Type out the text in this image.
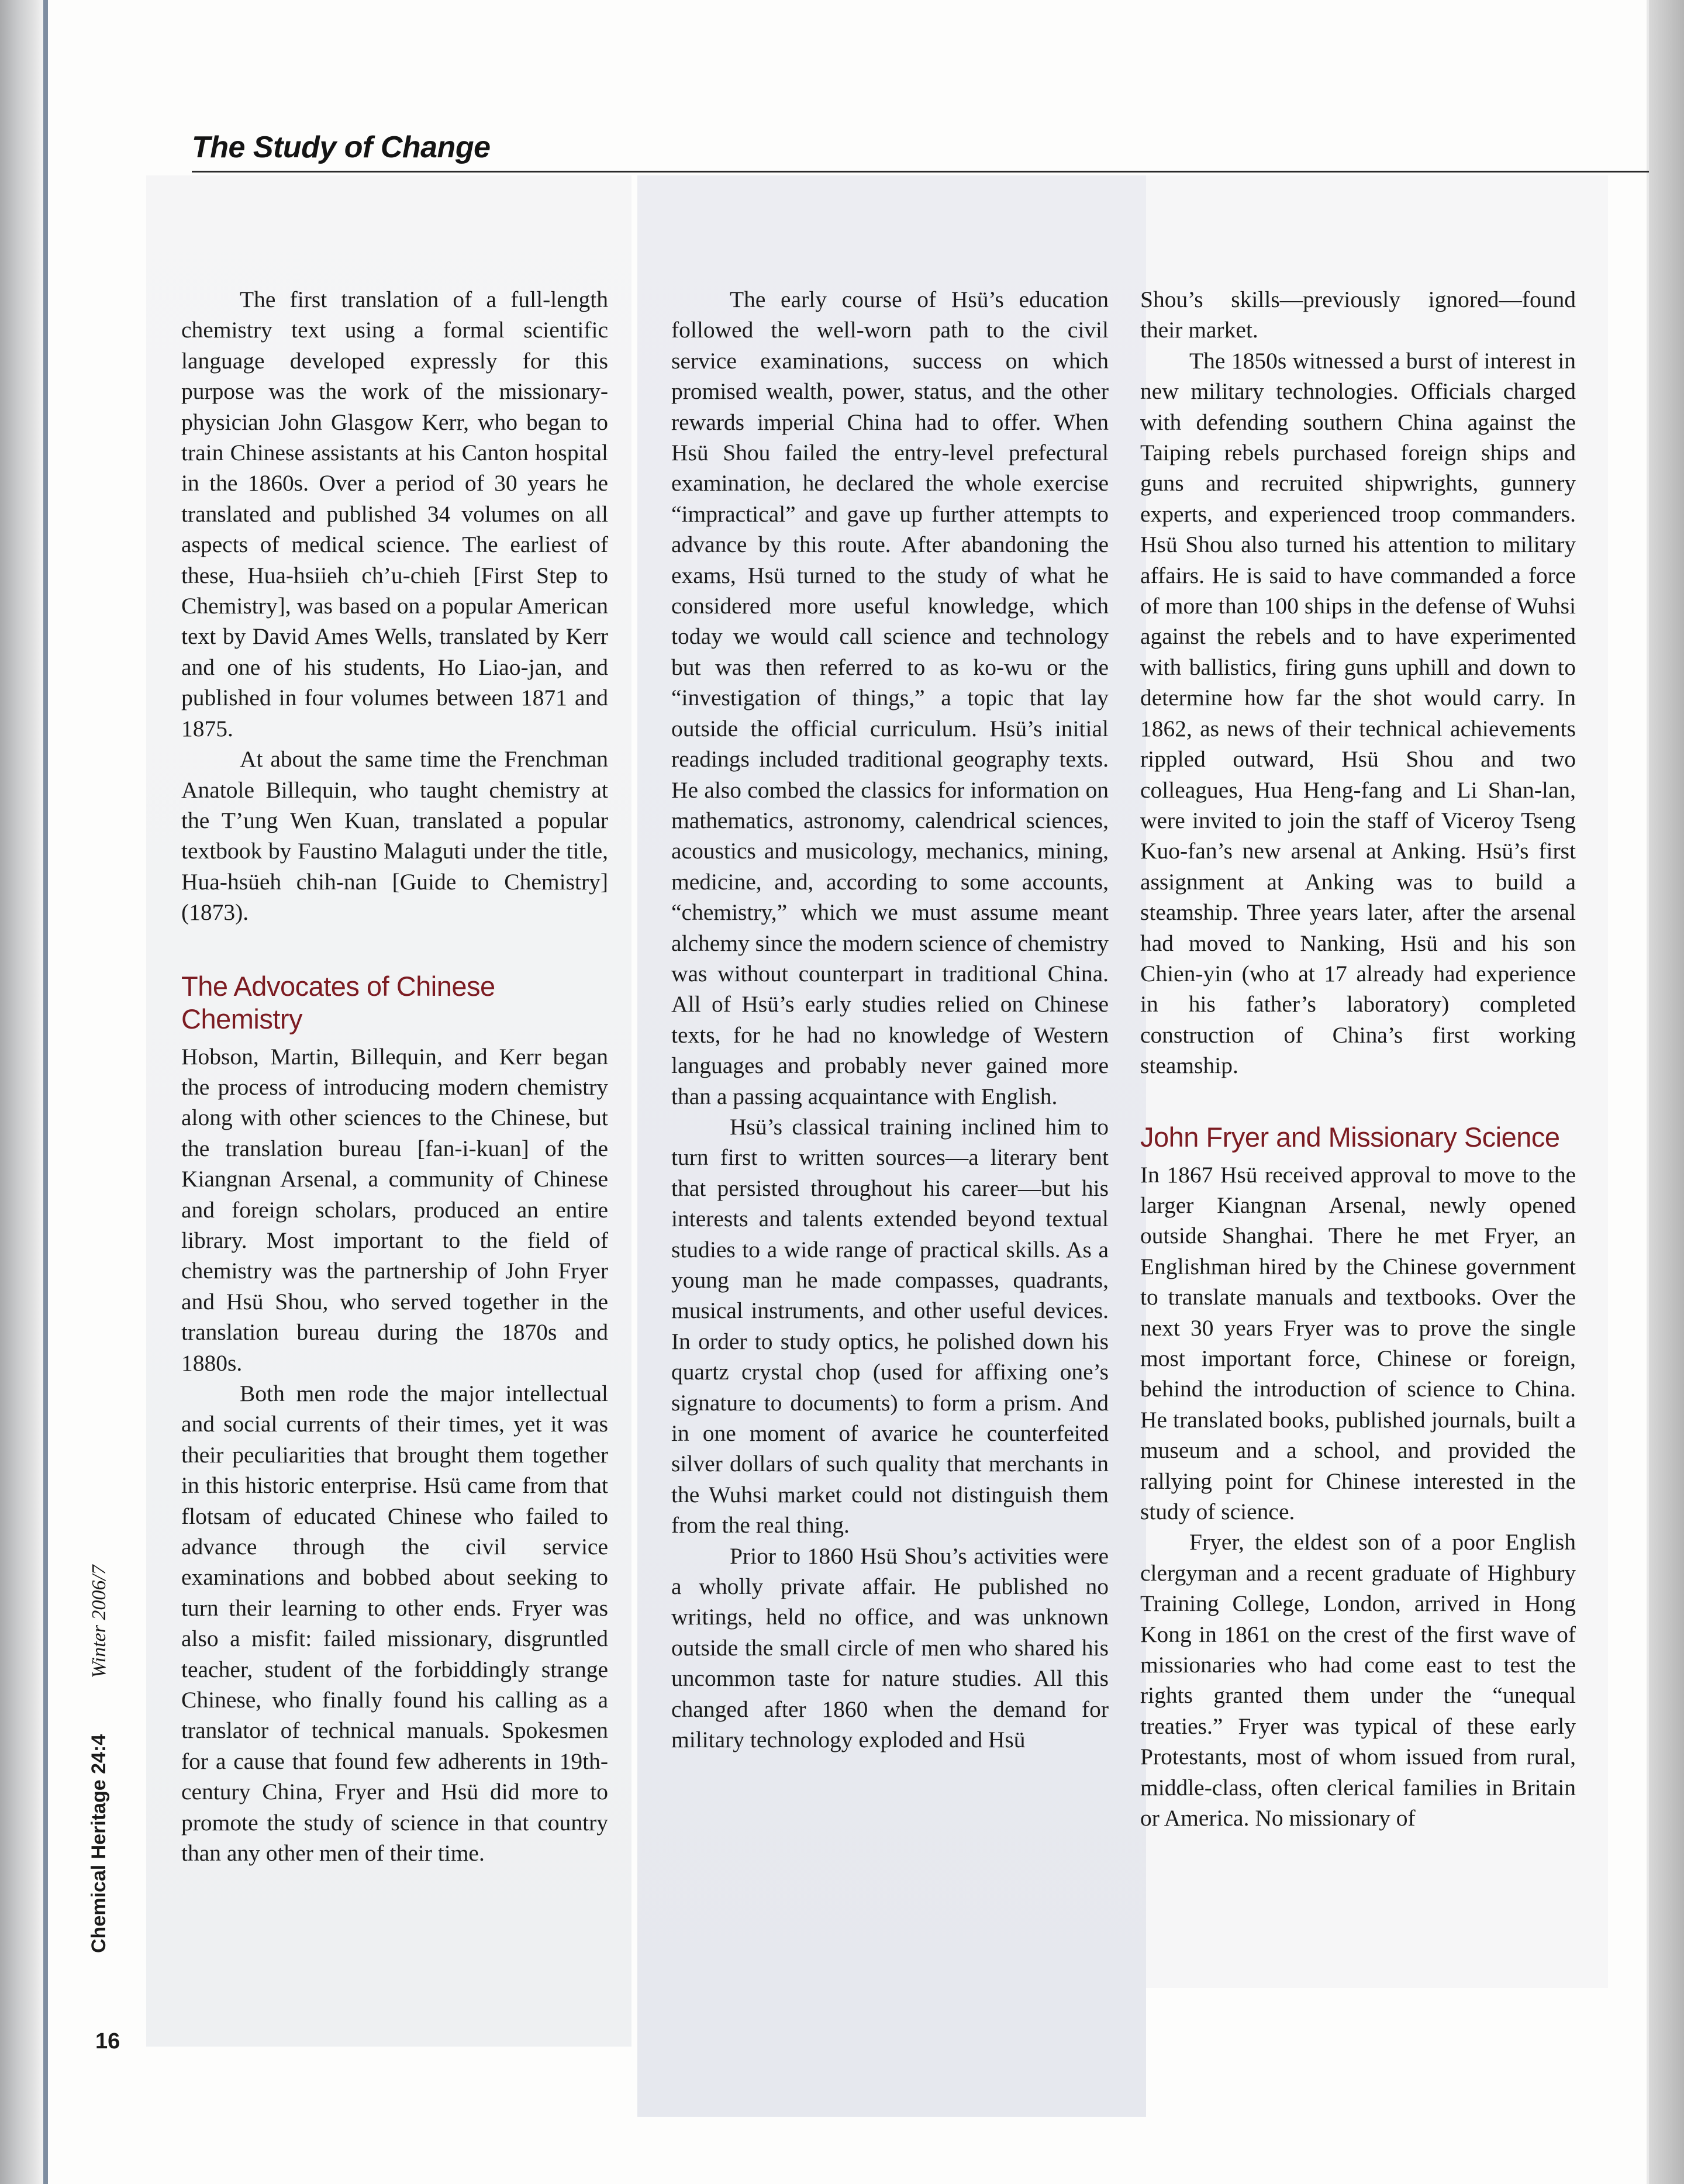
The Study of Change

The first translation of a full-length chemistry text using a formal scientific language developed expressly for this purpose was the work of the missionary-physician John Glasgow Kerr, who began to train Chinese assistants at his Canton hospital in the 1860s. Over a period of 30 years he translated and published 34 volumes on all aspects of medical science. The earliest of these, Hua-hsiieh ch’u-chieh [First Step to Chemistry], was based on a popular American text by David Ames Wells, translated by Kerr and one of his students, Ho Liao-jan, and published in four volumes between 1871 and 1875.

At about the same time the Frenchman Anatole Billequin, who taught chemistry at the T’ung Wen Kuan, translated a popular textbook by Faustino Malaguti under the title, Hua-hsüeh chih-nan [Guide to Chemistry] (1873).

The Advocates of Chinese Chemistry

Hobson, Martin, Billequin, and Kerr began the process of introducing modern chemistry along with other sciences to the Chinese, but the translation bureau [fan-i-kuan] of the Kiangnan Arsenal, a community of Chinese and foreign scholars, produced an entire library. Most important to the field of chemistry was the partnership of John Fryer and Hsü Shou, who served together in the translation bureau during the 1870s and 1880s.

Both men rode the major intellectual and social currents of their times, yet it was their peculiarities that brought them together in this historic enterprise. Hsü came from that flotsam of educated Chinese who failed to advance through the civil service examinations and bobbed about seeking to turn their learning to other ends. Fryer was also a misfit: failed missionary, disgruntled teacher, student of the forbiddingly strange Chinese, who finally found his calling as a translator of technical manuals. Spokesmen for a cause that found few adherents in 19th-century China, Fryer and Hsü did more to promote the study of science in that country than any other men of their time.

The early course of Hsü’s education followed the well-worn path to the civil service examinations, success on which promised wealth, power, status, and the other rewards imperial China had to offer. When Hsü Shou failed the entry-level prefectural examination, he declared the whole exercise “impractical” and gave up further attempts to advance by this route. After abandoning the exams, Hsü turned to the study of what he considered more useful knowledge, which today we would call science and technology but was then referred to as ko-wu or the “investigation of things,” a topic that lay outside the official curriculum. Hsü’s initial readings included traditional geography texts. He also combed the classics for information on mathematics, astronomy, calendrical sciences, acoustics and musicology, mechanics, mining, medicine, and, according to some accounts, “chemistry,” which we must assume meant alchemy since the modern science of chemistry was without counterpart in traditional China. All of Hsü’s early studies relied on Chinese texts, for he had no knowledge of Western languages and probably never gained more than a passing acquaintance with English.

Hsü’s classical training inclined him to turn first to written sources—a literary bent that persisted throughout his career—but his interests and talents extended beyond textual studies to a wide range of practical skills. As a young man he made compasses, quadrants, musical instruments, and other useful devices. In order to study optics, he polished down his quartz crystal chop (used for affixing one’s signature to documents) to form a prism. And in one moment of avarice he counterfeited silver dollars of such quality that merchants in the Wuhsi market could not distinguish them from the real thing.

Prior to 1860 Hsü Shou’s activities were a wholly private affair. He published no writings, held no office, and was unknown outside the small circle of men who shared his uncommon taste for nature studies. All this changed after 1860 when the demand for military technology exploded and Hsü

Shou’s skills—previously ignored—found their market.

The 1850s witnessed a burst of interest in new military technologies. Officials charged with defending southern China against the Taiping rebels purchased foreign ships and guns and recruited shipwrights, gunnery experts, and experienced troop commanders. Hsü Shou also turned his attention to military affairs. He is said to have commanded a force of more than 100 ships in the defense of Wuhsi against the rebels and to have experimented with ballistics, firing guns uphill and down to determine how far the shot would carry. In 1862, as news of their technical achievements rippled outward, Hsü Shou and two colleagues, Hua Heng-fang and Li Shan-lan, were invited to join the staff of Viceroy Tseng Kuo-fan’s new arsenal at Anking. Hsü’s first assignment at Anking was to build a steamship. Three years later, after the arsenal had moved to Nanking, Hsü and his son Chien-yin (who at 17 already had experience in his father’s laboratory) completed construction of China’s first working steamship.

John Fryer and Missionary Science

In 1867 Hsü received approval to move to the larger Kiangnan Arsenal, newly opened outside Shanghai. There he met Fryer, an Englishman hired by the Chinese government to translate manuals and textbooks. Over the next 30 years Fryer was to prove the single most important force, Chinese or foreign, behind the introduction of science to China. He translated books, published journals, built a museum and a school, and provided the rallying point for Chinese interested in the study of science.

Fryer, the eldest son of a poor English clergyman and a recent graduate of Highbury Training College, London, arrived in Hong Kong in 1861 on the crest of the first wave of missionaries who had come east to test the rights granted them under the “unequal treaties.” Fryer was typical of these early Protestants, most of whom issued from rural, middle-class, often clerical families in Britain or America. No missionary of

Chemical Heritage 24:4Winter 2006/7
16
